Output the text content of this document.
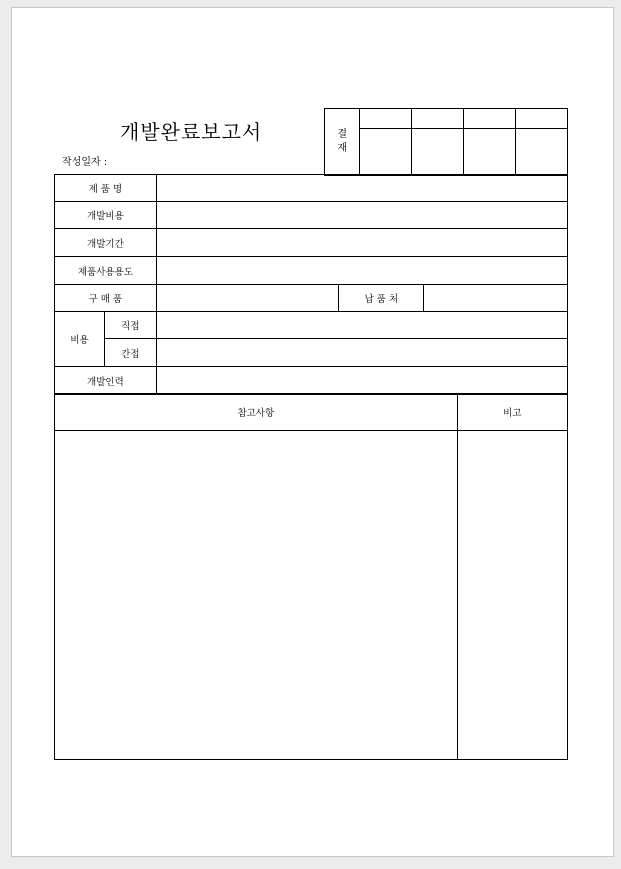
개발완료보고서
작성일자 :
결
재				

제 품 명				
개발비용				
개발기간				
제품사용용도				
구 매 품			납 품 처	
비용	직접			
	간접			
개발인력				
참고사항	비고
